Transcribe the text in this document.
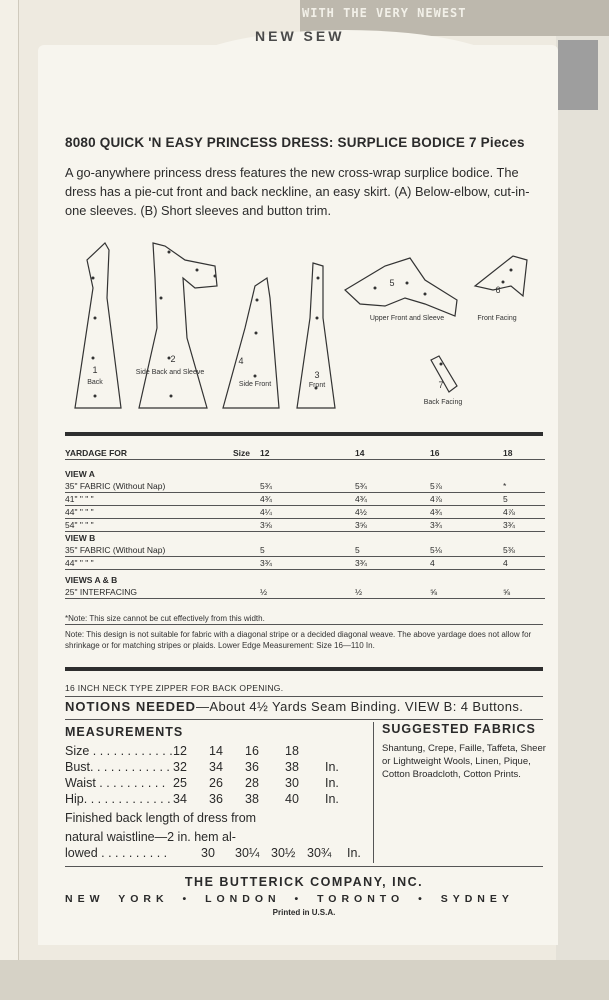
WITH THE VERY NEWEST
NEW SEW
8080 QUICK 'N EASY PRINCESS DRESS: SURPLICE BODICE 7 Pieces
A go-anywhere princess dress features the new cross-wrap surplice bodice. The dress has a pie-cut front and back neckline, an easy skirt. (A) Below-elbow, cut-in-one sleeves. (B) Short sleeves and button trim.
1
Back
2
Side Back and Sleeve
4
Side Front
3
Front
5
Upper Front and Sleeve
6
Front Facing
7
Back Facing
YARDAGE FOR	Size 12	14	16	18
VIEW A
35" FABRIC (Without Nap)	5¾	5¾	5⅞	*
41" " " "	4¾	4¾	4⅞	5
44" " " "	4¼	4½	4¾	4⅞
54" " " "	3⅝	3⅝	3¾	3¾
VIEW B
35" FABRIC (Without Nap)	5	5	5⅛	5⅜
44" " " "	3¾	3¾	4	4
VIEWS A & B
25" INTERFACING	½	½	⅝	⅝
*Note: This size cannot be cut effectively from this width.
Note: This design is not suitable for fabric with a diagonal stripe or a decided diagonal weave. The above yardage does not allow for shrinkage or for matching stripes or plaids. Lower Edge Measurement: Size 16—110 In.
16 INCH NECK TYPE ZIPPER FOR BACK OPENING.
NOTIONS NEEDED—About 4½ Yards Seam Binding. VIEW B: 4 Buttons.
MEASUREMENTS
Size . . . . . . . . . . . . 12 14 16 18
Bust. . . . . . . . . . . . 32 34 36 38 In.
Waist . . . . . . . . . . 25 26 28 30 In.
Hip. . . . . . . . . . . . . 34 36 38 40 In.
Finished back length of dress from
natural waistline—2 in. hem al-
lowed . . . . . . . . . .	30 30¼ 30½ 30¾ In.
SUGGESTED FABRICS
Shantung, Crepe, Faille, Taffeta, Sheer or Lightweight Wools, Linen, Pique, Cotton Broadcloth, Cotton Prints.
THE BUTTERICK COMPANY, INC.
NEW YORK • LONDON • TORONTO • SYDNEY
Printed in U.S.A.
